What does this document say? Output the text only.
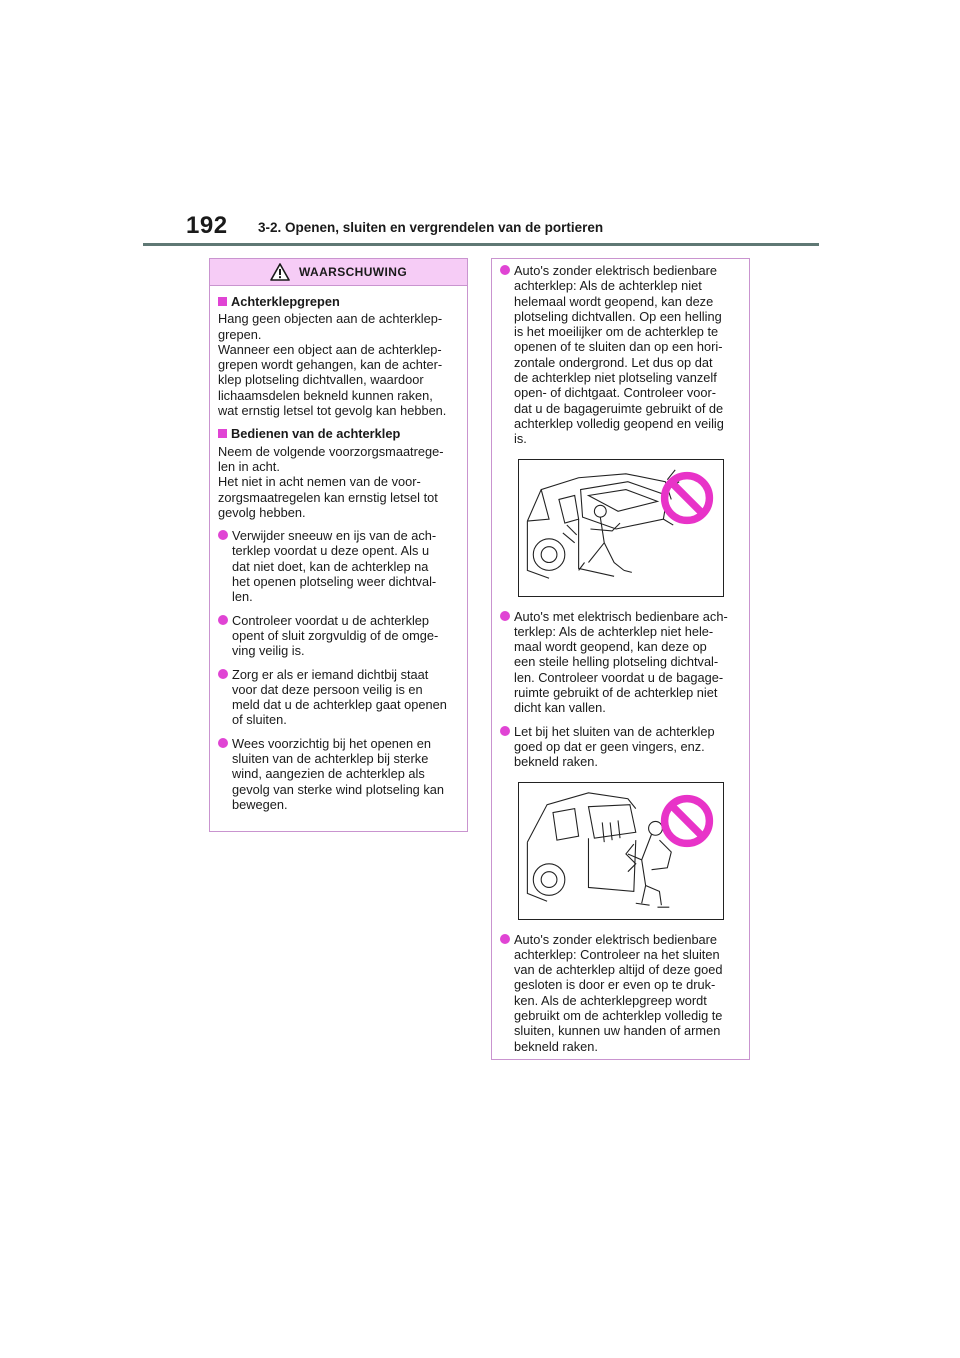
192 3-2. Openen, sluiten en vergrendelen van de portieren
WAARSCHUWING
Achterklepgrepen

Hang geen objecten aan de achterklep-
grepen.
Wanneer een object aan de achterklep-
grepen wordt gehangen, kan de achter-
klep plotseling dichtvallen, waardoor
lichaamsdelen bekneld kunnen raken,
wat ernstig letsel tot gevolg kan hebben.

Bedienen van de achterklep

Neem de volgende voorzorgsmaatrege-
len in acht.
Het niet in acht nemen van de voor-
zorgsmaatregelen kan ernstig letsel tot
gevolg hebben.

Verwijder sneeuw en ijs van de ach-
terklep voordat u deze opent. Als u
dat niet doet, kan de achterklep na
het openen plotseling weer dichtval-
len.
Controleer voordat u de achterklep
opent of sluit zorgvuldig of de omge-
ving veilig is.
Zorg er als er iemand dichtbij staat
voor dat deze persoon veilig is en
meld dat u de achterklep gaat openen
of sluiten.
Wees voorzichtig bij het openen en
sluiten van de achterklep bij sterke
wind, aangezien de achterklep als
gevolg van sterke wind plotseling kan
bewegen.
Auto's zonder elektrisch bedienbare
achterklep: Als de achterklep niet
helemaal wordt geopend, kan deze
plotseling dichtvallen. Op een helling
is het moeilijker om de achterklep te
openen of te sluiten dan op een hori-
zontale ondergrond. Let dus op dat
de achterklep niet plotseling vanzelf
open- of dichtgaat. Controleer voor-
dat u de bagageruimte gebruikt of de
achterklep volledig geopend en veilig
is.
Auto's met elektrisch bedienbare ach-
terklep: Als de achterklep niet hele-
maal wordt geopend, kan deze op
een steile helling plotseling dichtval-
len. Controleer voordat u de bagage-
ruimte gebruikt of de achterklep niet
dicht kan vallen.
Let bij het sluiten van de achterklep
goed op dat er geen vingers, enz.
bekneld raken.
Auto's zonder elektrisch bedienbare
achterklep: Controleer na het sluiten
van de achterklep altijd of deze goed
gesloten is door er even op te druk-
ken. Als de achterklepgreep wordt
gebruikt om de achterklep volledig te
sluiten, kunnen uw handen of armen
bekneld raken.
